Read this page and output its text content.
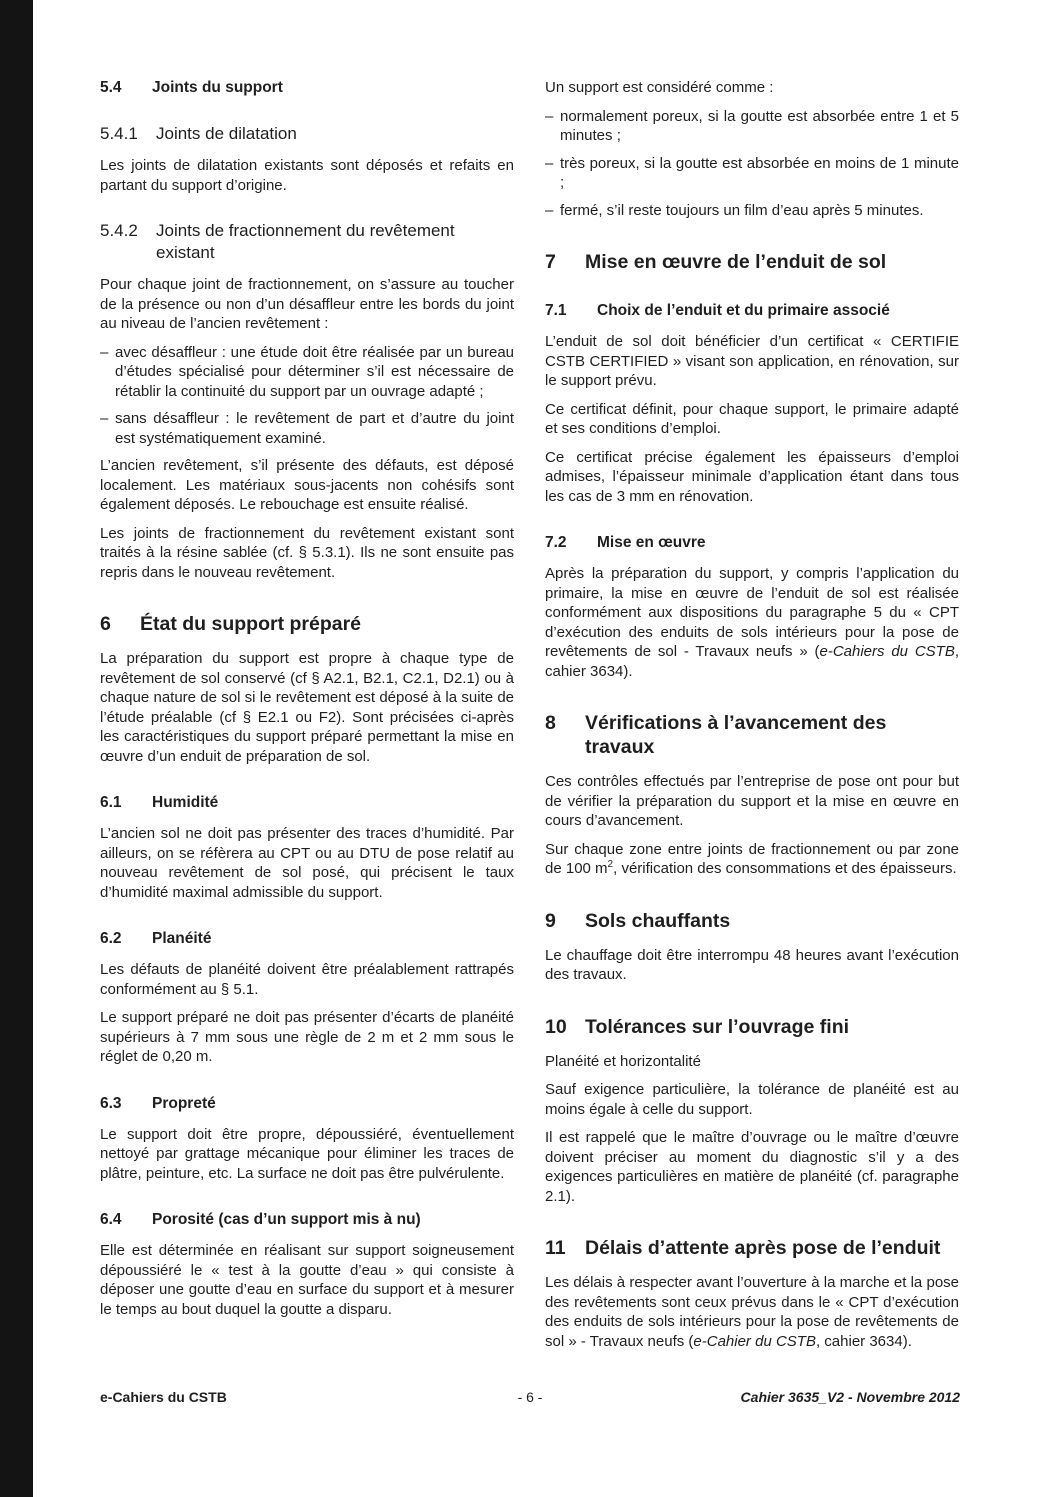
5.4	Joints du support
5.4.1	Joints de dilatation

Les joints de dilatation existants sont déposés et refaits en partant du support d’origine.

5.4.2	Joints de fractionnement du revêtement existant

Pour chaque joint de fractionnement, on s’assure au toucher de la présence ou non d’un désaffleur entre les bords du joint au niveau de l’ancien revêtement :

– avec désaffleur : une étude doit être réalisée par un bureau d’études spécialisé pour déterminer s’il est nécessaire de rétablir la continuité du support par un ouvrage adapté ;
– sans désaffleur : le revêtement de part et d’autre du joint est systématiquement examiné.

L’ancien revêtement, s’il présente des défauts, est déposé localement. Les matériaux sous-jacents non cohésifs sont également déposés. Le rebouchage est ensuite réalisé.

Les joints de fractionnement du revêtement existant sont traités à la résine sablée (cf. § 5.3.1). Ils ne sont ensuite pas repris dans le nouveau revêtement.

6	État du support préparé

La préparation du support est propre à chaque type de revêtement de sol conservé (cf § A2.1, B2.1, C2.1, D2.1) ou à chaque nature de sol si le revêtement est déposé à la suite de l’étude préalable (cf § E2.1 ou F2). Sont précisées ci-après les caractéristiques du support préparé permettant la mise en œuvre d’un enduit de préparation de sol.

6.1	Humidité

L’ancien sol ne doit pas présenter des traces d’humidité. Par ailleurs, on se réfèrera au CPT ou au DTU de pose relatif au nouveau revêtement de sol posé, qui précisent le taux d’humidité maximal admissible du support.

6.2	Planéité

Les défauts de planéité doivent être préalablement rattrapés conformément au § 5.1.

Le support préparé ne doit pas présenter d’écarts de planéité supérieurs à 7 mm sous une règle de 2 m et 2 mm sous le réglet de 0,20 m.

6.3	Propreté

Le support doit être propre, dépoussiéré, éventuellement nettoyé par grattage mécanique pour éliminer les traces de plâtre, peinture, etc. La surface ne doit pas être pulvérulente.

6.4	Porosité (cas d’un support mis à nu)

Elle est déterminée en réalisant sur support soigneusement dépoussiéré le « test à la goutte d’eau » qui consiste à déposer une goutte d’eau en surface du support et à mesurer le temps au bout duquel la goutte a disparu.

Un support est considéré comme :

– normalement poreux, si la goutte est absorbée entre 1 et 5 minutes ;
– très poreux, si la goutte est absorbée en moins de 1 minute ;
– fermé, s’il reste toujours un film d’eau après 5 minutes.
7	Mise en œuvre de l’enduit de sol
7.1	Choix de l’enduit et du primaire associé

L’enduit de sol doit bénéficier d’un certificat « CERTIFIE CSTB CERTIFIED » visant son application, en rénovation, sur le support prévu.

Ce certificat définit, pour chaque support, le primaire adapté et ses conditions d’emploi.

Ce certificat précise également les épaisseurs d’emploi admises, l’épaisseur minimale d’application étant dans tous les cas de 3 mm en rénovation.

7.2	Mise en œuvre

Après la préparation du support, y compris l’application du primaire, la mise en œuvre de l’enduit de sol est réalisée conformément aux dispositions du paragraphe 5 du « CPT d’exécution des enduits de sols intérieurs pour la pose de revêtements de sol - Travaux neufs » (e-Cahiers du CSTB, cahier 3634).

8	Vérifications à l’avancement des travaux

Ces contrôles effectués par l’entreprise de pose ont pour but de vérifier la préparation du support et la mise en œuvre en cours d’avancement.

Sur chaque zone entre joints de fractionnement ou par zone de 100 $m^2$, vérification des consommations et des épaisseurs.

9	Sols chauffants

Le chauffage doit être interrompu 48 heures avant l’exécution des travaux.

10 Tolérances sur l’ouvrage fini

Planéité et horizontalité

Sauf exigence particulière, la tolérance de planéité est au moins égale à celle du support.

Il est rappelé que le maître d’ouvrage ou le maître d’œuvre doivent préciser au moment du diagnostic s’il y a des exigences particulières en matière de planéité (cf. paragraphe 2.1).

11 Délais d’attente après pose de l’enduit

Les délais à respecter avant l’ouverture à la marche et la pose des revêtements sont ceux prévus dans le « CPT d’exécution des enduits de sols intérieurs pour la pose de revêtements de sol » - Travaux neufs (e-Cahier du CSTB, cahier 3634).

e-Cahiers du CSTB	- 6 -	Cahier 3635_V2 - Novembre 2012
